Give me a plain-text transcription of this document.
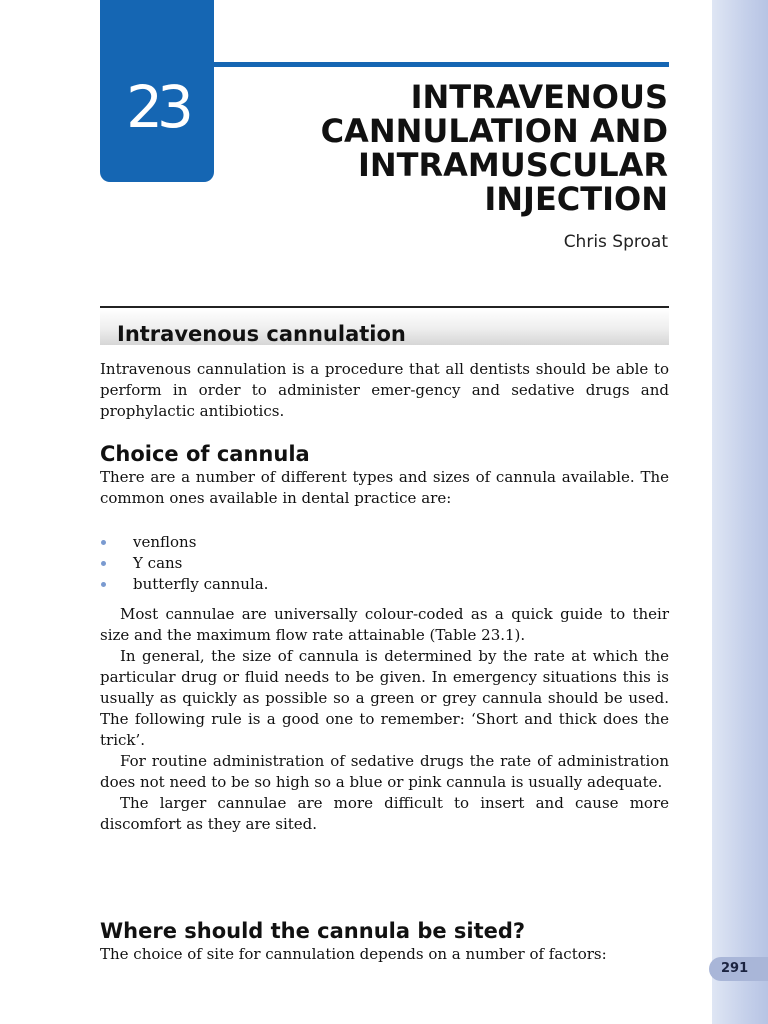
291
23	INTRAVENOUS
CANNULATION AND
INTRAMUSCULAR
INJECTION
Chris Sproat
Intravenous cannulation

Intravenous cannulation is a procedure that all dentists should be able to perform in order to administer emer-gency and sedative drugs and prophylactic antibiotics.

Choice of cannula

There are a number of different types and sizes of cannula available. The common ones available in dental practice are:

venflons
Y cans
butterfly cannula.
Most cannulae are universally colour-coded as a quick guide to their size and the maximum flow rate attainable (Table 23.1).
In general, the size of cannula is determined by the rate at which the particular drug or fluid needs to be given. In emergency situations this is usually as quickly as possible so a green or grey cannula should be used. The following rule is a good one to remember: ‘Short and thick does the trick’.
For routine administration of sedative drugs the rate of administration does not need to be so high so a blue or pink cannula is usually adequate.
The larger cannulae are more difficult to insert and cause more discomfort as they are sited.
Where should the cannula be sited?

The choice of site for cannulation depends on a number of factors:
